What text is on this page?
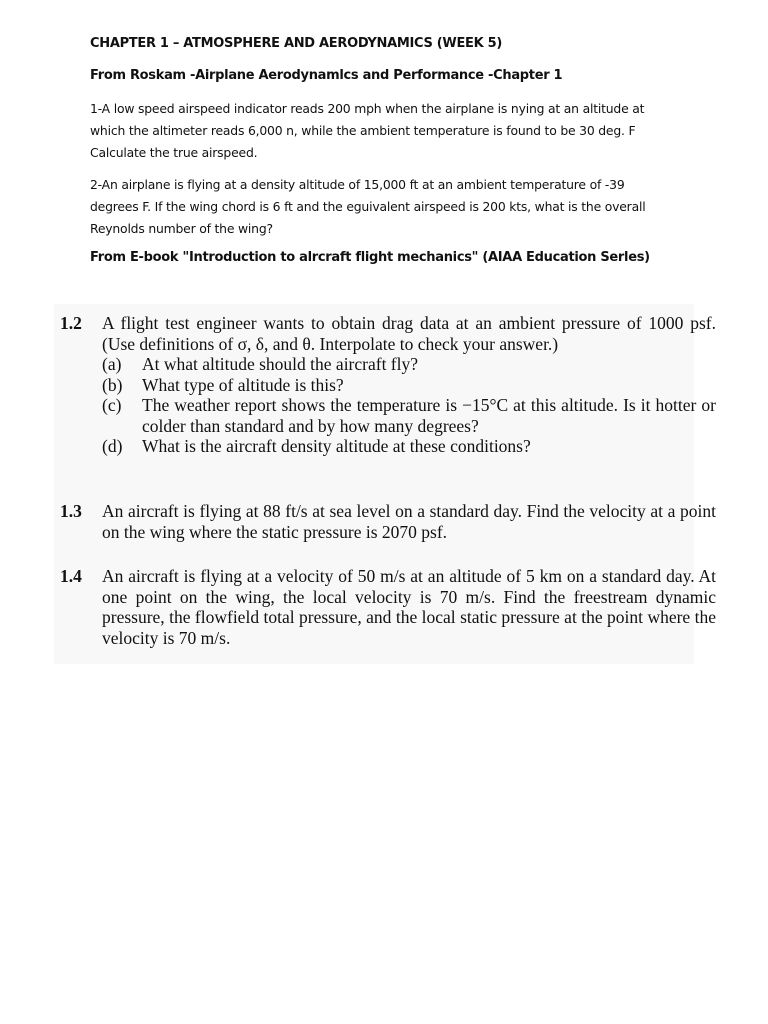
CHAPTER 1 – ATMOSPHERE AND AERODYNAMICS (WEEK 5)

From Roskam -Airplane Aerodynamlcs and Performance -Chapter 1

1-A low speed airspeed indicator reads 200 mph when the airplane is nying at an altitude at

which the altimeter reads 6,000 n, while the ambient temperature is found to be 30 deg. F

Calculate the true airspeed.

2-An airplane is flying at a density altitude of 15,000 ft at an ambient temperature of -39

degrees F. If the wing chord is 6 ft and the eguivalent airspeed is 200 kts, what is the overall

Reynolds number of the wing?

From E-book "Introduction to alrcraft flight mechanics" (AIAA Education Serles)

1.2	A flight test engineer wants to obtain drag data at an ambient pressure of 1000 psf. (Use definitions of σ, δ, and θ. Interpolate to check your answer.)
(a)	At what altitude should the aircraft fly?
(b)	What type of altitude is this?
(c)	The weather report shows the temperature is −15°C at this altitude. Is it hotter or colder than standard and by how many degrees?
(d)	What is the aircraft density altitude at these conditions?
1.3	An aircraft is flying at 88 ft/s at sea level on a standard day. Find the velocity at a point on the wing where the static pressure is 2070 psf.
1.4	An aircraft is flying at a velocity of 50 m/s at an altitude of 5 km on a standard day. At one point on the wing, the local velocity is 70 m/s. Find the freestream dynamic pressure, the flowfield total pressure, and the local static pressure at the point where the velocity is 70 m/s.
